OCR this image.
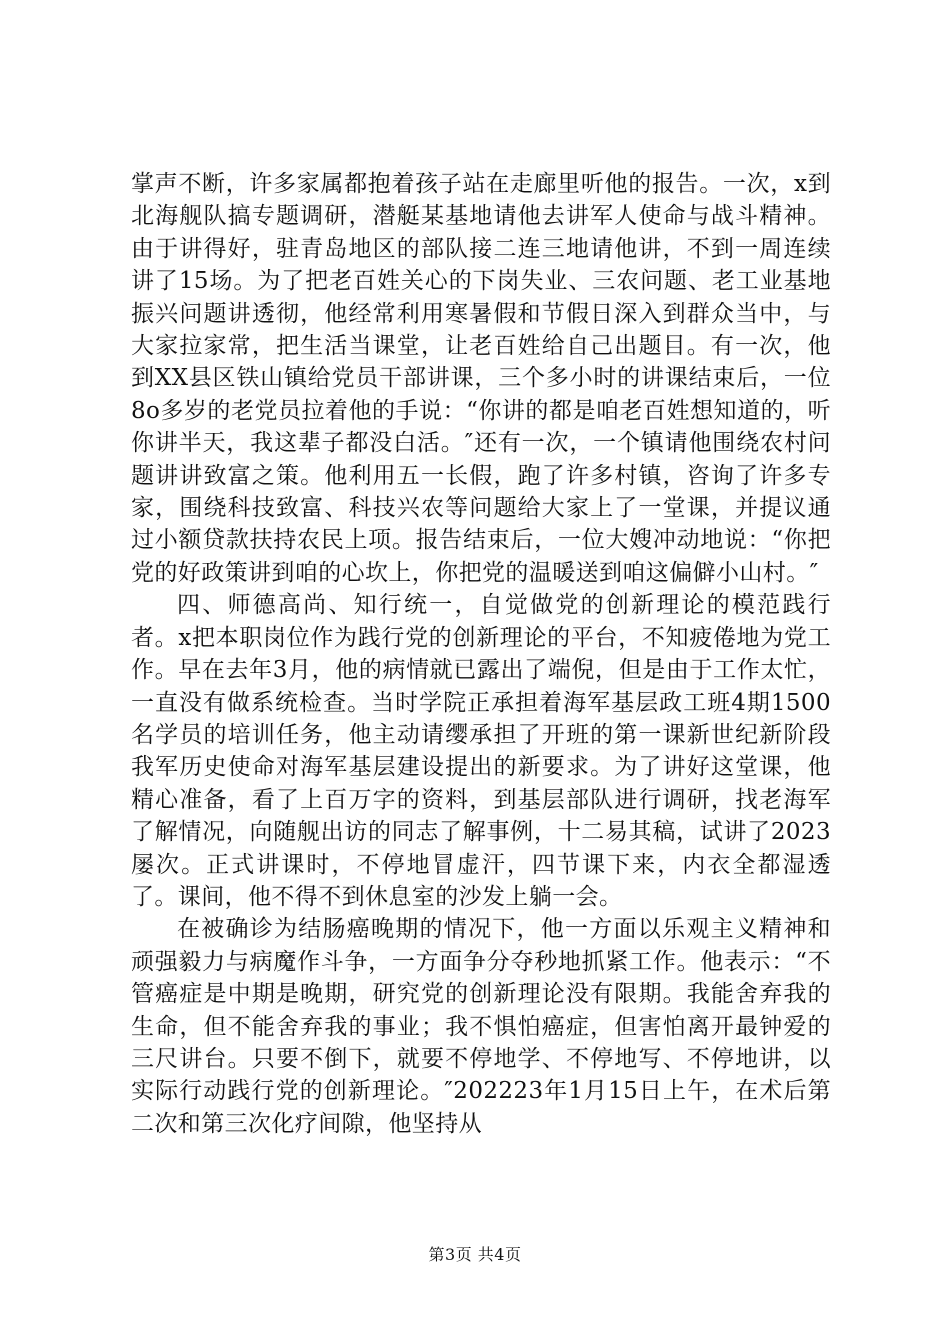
掌声不断，许多家属都抱着孩子站在走廊里听他的报告。一次，x到北海舰队搞专题调研，潜艇某基地请他去讲军人使命与战斗精神。由于讲得好，驻青岛地区的部队接二连三地请他讲，不到一周连续讲了15场。为了把老百姓关心的下岗失业、三农问题、老工业基地振兴问题讲透彻，他经常利用寒暑假和节假日深入到群众当中，与大家拉家常，把生活当课堂，让老百姓给自己出题目。有一次，他到XX县区铁山镇给党员干部讲课，三个多小时的讲课结束后，一位8o多岁的老党员拉着他的手说：“你讲的都是咱老百姓想知道的，听你讲半天，我这辈子都没白活。″还有一次，一个镇请他围绕农村问题讲讲致富之策。他利用五一长假，跑了许多村镇，咨询了许多专家，围绕科技致富、科技兴农等问题给大家上了一堂课，并提议通过小额贷款扶持农民上项。报告结束后，一位大嫂冲动地说：“你把党的好政策讲到咱的心坎上，你把党的温暖送到咱这偏僻小山村。″

四、师德高尚、知行统一，自觉做党的创新理论的模范践行者。x把本职岗位作为践行党的创新理论的平台，不知疲倦地为党工作。早在去年3月，他的病情就已露出了端倪，但是由于工作太忙，一直没有做系统检查。当时学院正承担着海军基层政工班4期1500名学员的培训任务，他主动请缨承担了开班的第一课新世纪新阶段我军历史使命对海军基层建设提出的新要求。为了讲好这堂课，他精心准备，看了上百万字的资料，到基层部队进行调研，找老海军了解情况，向随舰出访的同志了解事例，十二易其稿，试讲了2023屡次。正式讲课时，不停地冒虚汗，四节课下来，内衣全都湿透了。课间，他不得不到休息室的沙发上躺一会。

在被确诊为结肠癌晚期的情况下，他一方面以乐观主义精神和顽强毅力与病魔作斗争，一方面争分夺秒地抓紧工作。他表示：“不管癌症是中期是晚期，研究党的创新理论没有限期。我能舍弃我的生命，但不能舍弃我的事业；我不惧怕癌症，但害怕离开最钟爱的三尺讲台。只要不倒下，就要不停地学、不停地写、不停地讲，以实际行动践行党的创新理论。″202223年1月15日上午，在术后第二次和第三次化疗间隙，他坚持从

第3页 共4页
